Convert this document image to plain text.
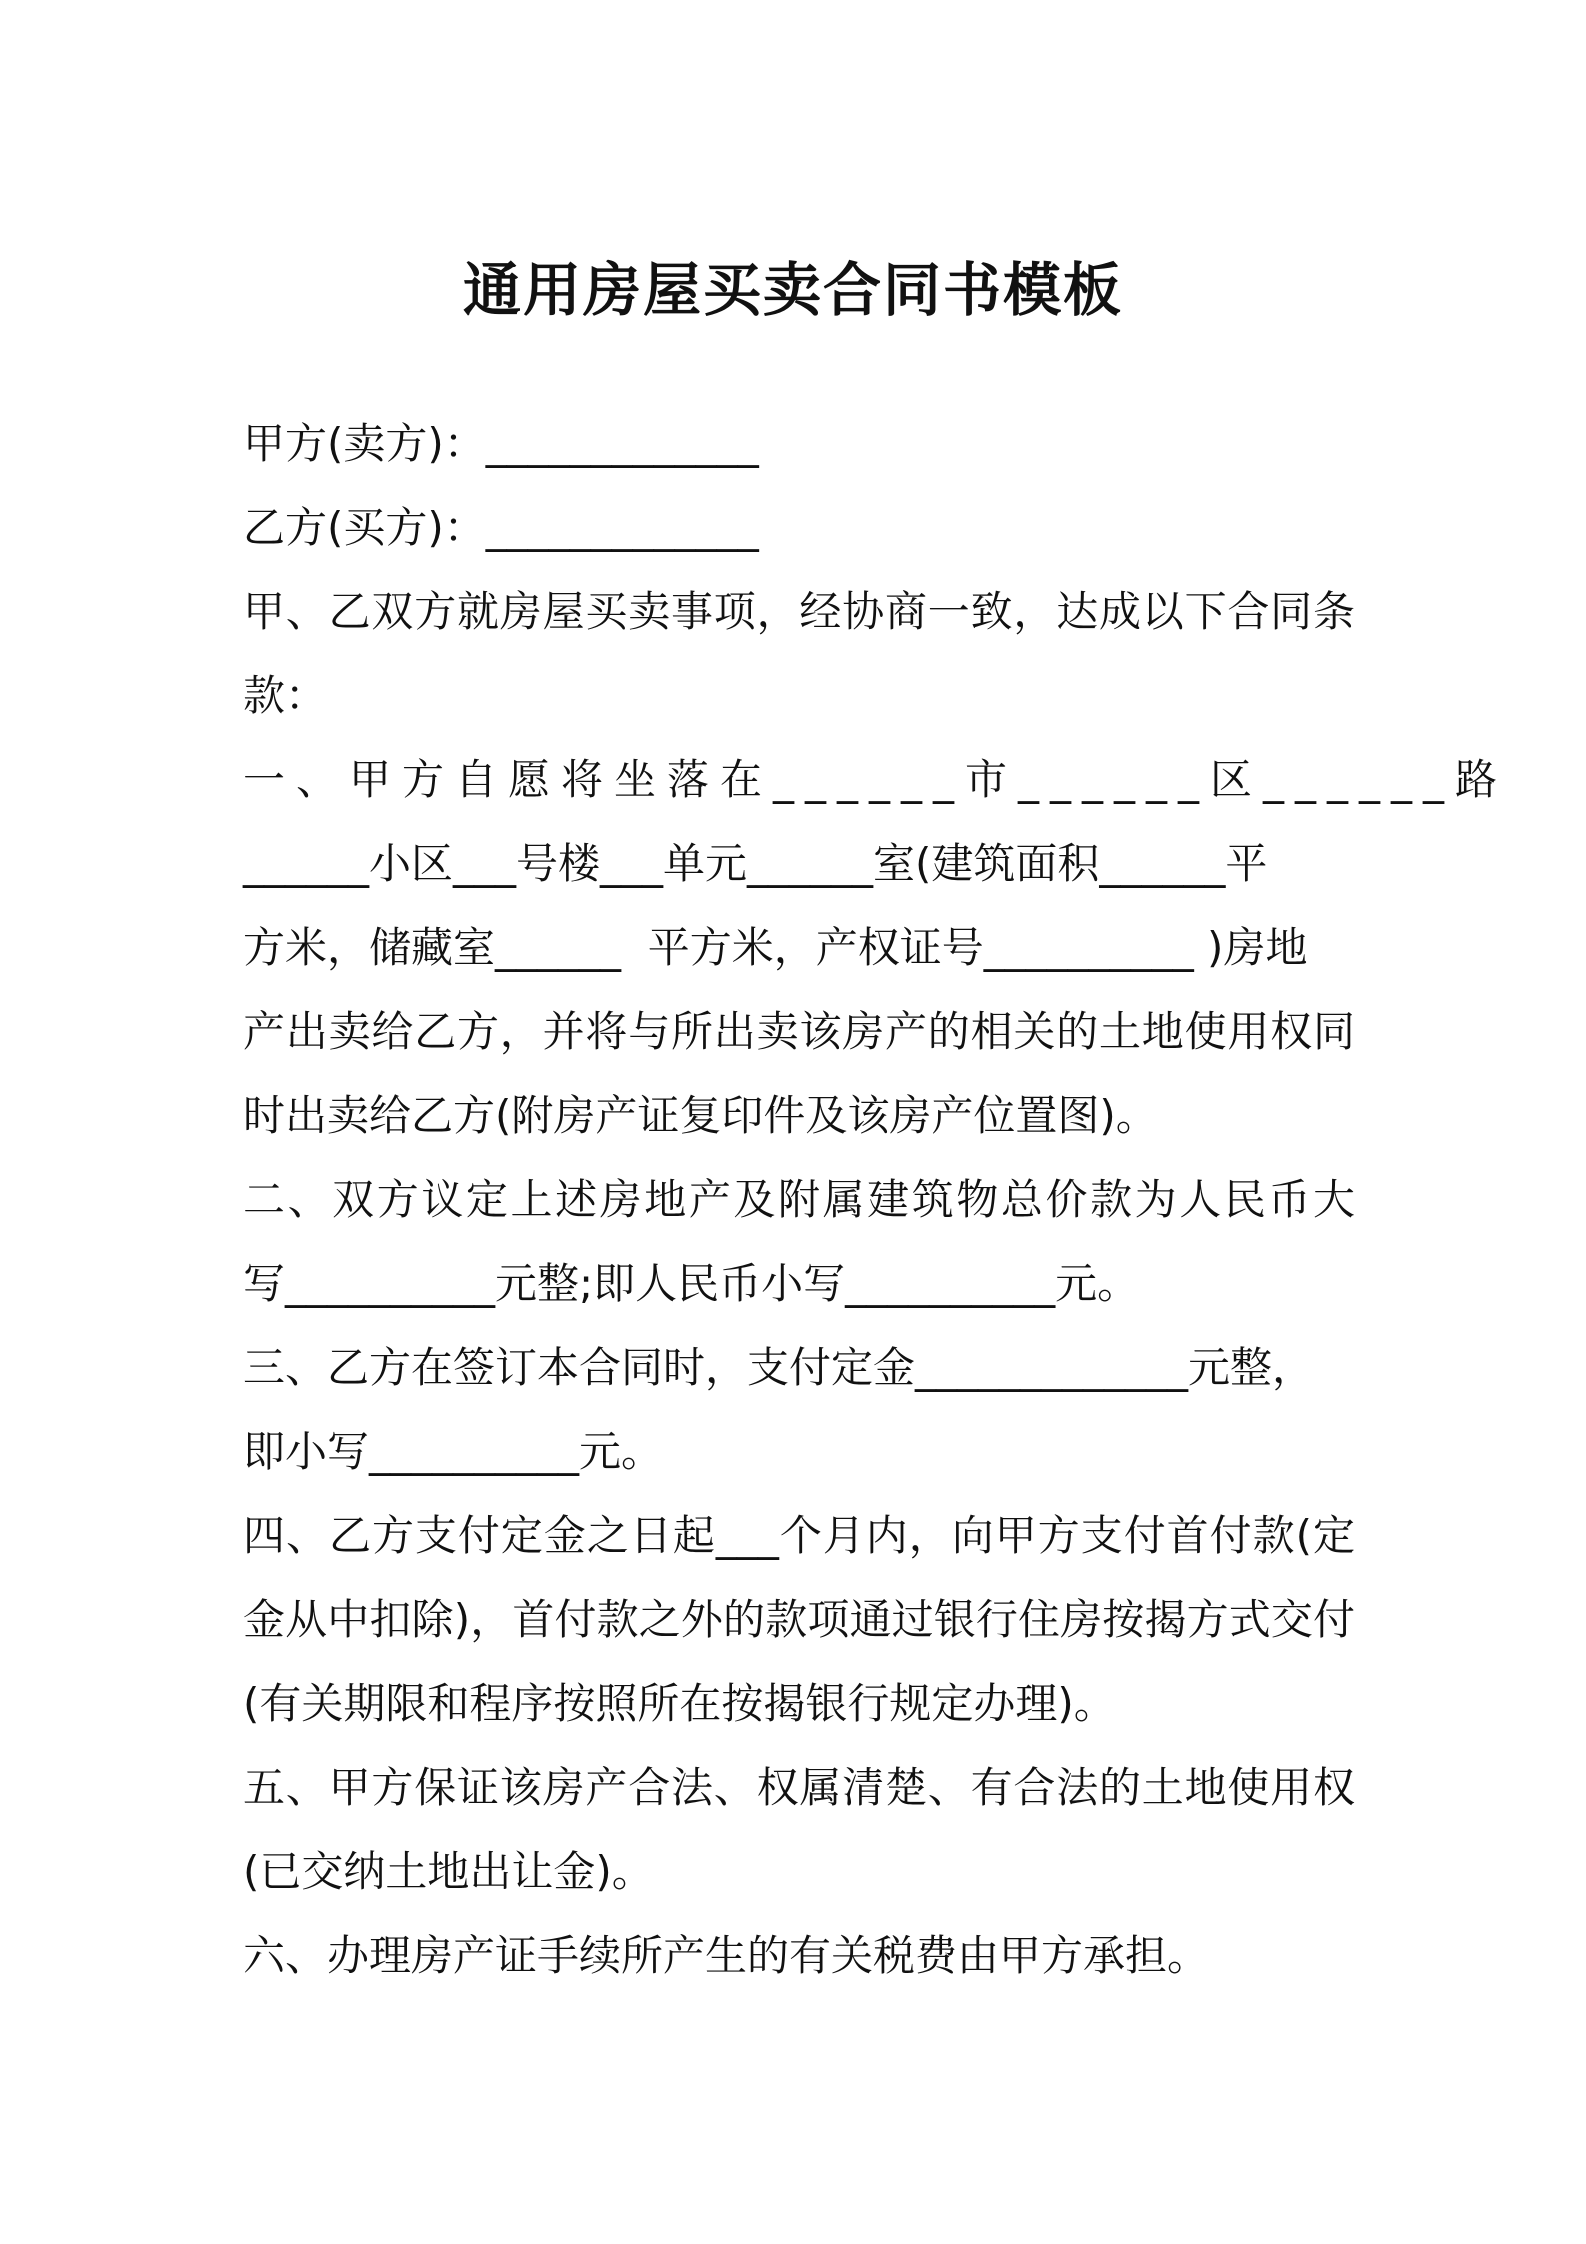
通用房屋买卖合同书模板
甲方(卖方)：_____________
乙方(买方)：_____________
甲、乙双方就房屋买卖事项，经协商一致，达成以下合同条
款：
一、甲方自愿将坐落在______市______区______路
______小区___号楼___单元______室(建筑面积______平
方米，储藏室______  平方米，产权证号__________ )房地
产出卖给乙方，并将与所出卖该房产的相关的土地使用权同
时出卖给乙方(附房产证复印件及该房产位置图)。
二、双方议定上述房地产及附属建筑物总价款为人民币大
写__________元整;即人民币小写__________元。
三、乙方在签订本合同时，支付定金_____________元整，
即小写__________元。
四、乙方支付定金之日起___个月内，向甲方支付首付款(定
金从中扣除)，首付款之外的款项通过银行住房按揭方式交付
(有关期限和程序按照所在按揭银行规定办理)。
五、甲方保证该房产合法、权属清楚、有合法的土地使用权
(已交纳土地出让金)。
六、办理房产证手续所产生的有关税费由甲方承担。
